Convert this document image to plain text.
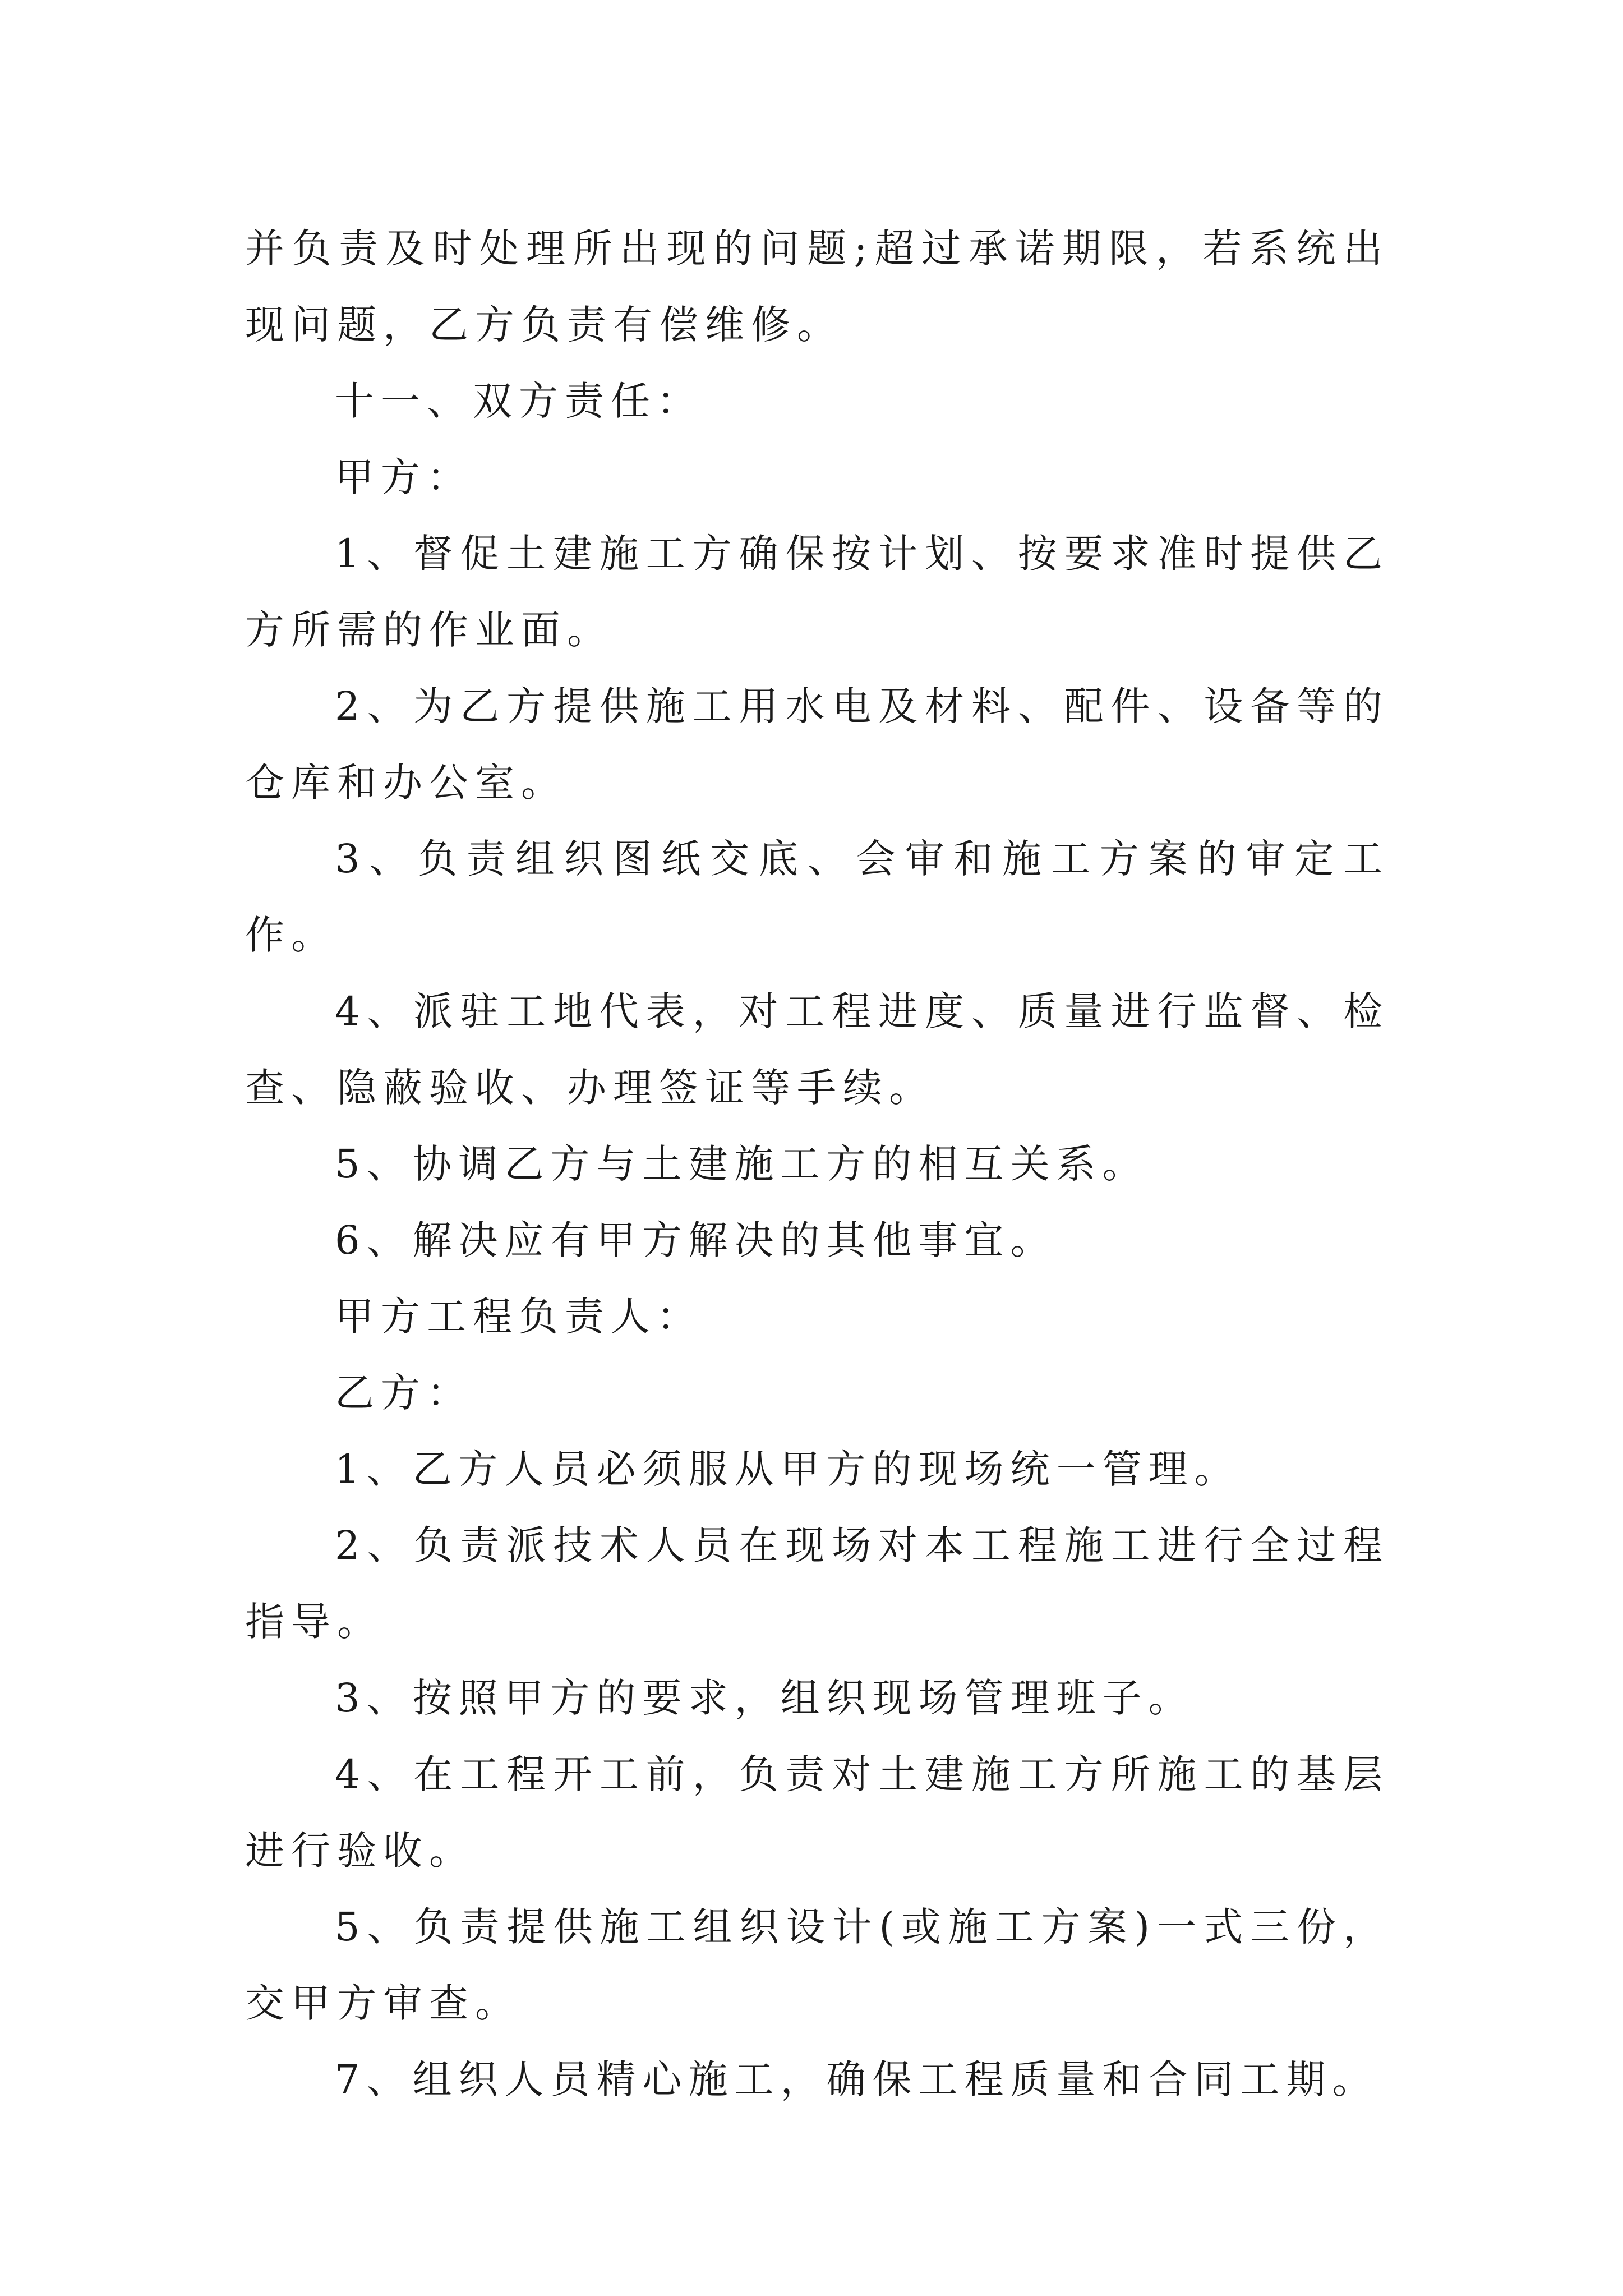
并负责及时处理所出现的问题;超过承诺期限，若系统出现问题，乙方负责有偿维修。

十一、双方责任：

甲方：

1、督促土建施工方确保按计划、按要求准时提供乙方所需的作业面。

2、为乙方提供施工用水电及材料、配件、设备等的仓库和办公室。

3、负责组织图纸交底、会审和施工方案的审定工作。

4、派驻工地代表，对工程进度、质量进行监督、检查、隐蔽验收、办理签证等手续。

5、协调乙方与土建施工方的相互关系。

6、解决应有甲方解决的其他事宜。

甲方工程负责人：

乙方：

1、乙方人员必须服从甲方的现场统一管理。

2、负责派技术人员在现场对本工程施工进行全过程指导。

3、按照甲方的要求，组织现场管理班子。

4、在工程开工前，负责对土建施工方所施工的基层进行验收。

5、负责提供施工组织设计(或施工方案)一式三份，交甲方审查。

7、组织人员精心施工，确保工程质量和合同工期。
